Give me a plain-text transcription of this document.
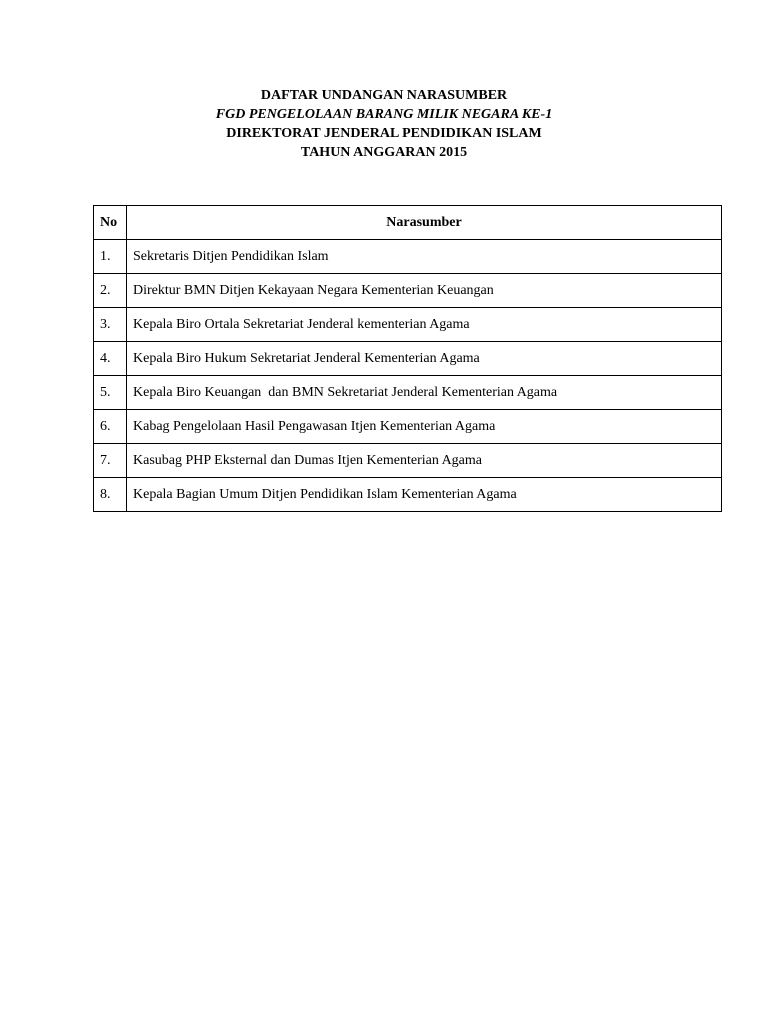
DAFTAR UNDANGAN NARASUMBER
FGD PENGELOLAAN BARANG MILIK NEGARA KE-1
DIREKTORAT JENDERAL PENDIDIKAN ISLAM
TAHUN ANGGARAN 2015
No	Narasumber
1.	Sekretaris Ditjen Pendidikan Islam
2.	Direktur BMN Ditjen Kekayaan Negara Kementerian Keuangan
3.	Kepala Biro Ortala Sekretariat Jenderal kementerian Agama
4.	Kepala Biro Hukum Sekretariat Jenderal Kementerian Agama
5.	Kepala Biro Keuangan  dan BMN Sekretariat Jenderal Kementerian Agama
6.	Kabag Pengelolaan Hasil Pengawasan Itjen Kementerian Agama
7.	Kasubag PHP Eksternal dan Dumas Itjen Kementerian Agama
8.	Kepala Bagian Umum Ditjen Pendidikan Islam Kementerian Agama
